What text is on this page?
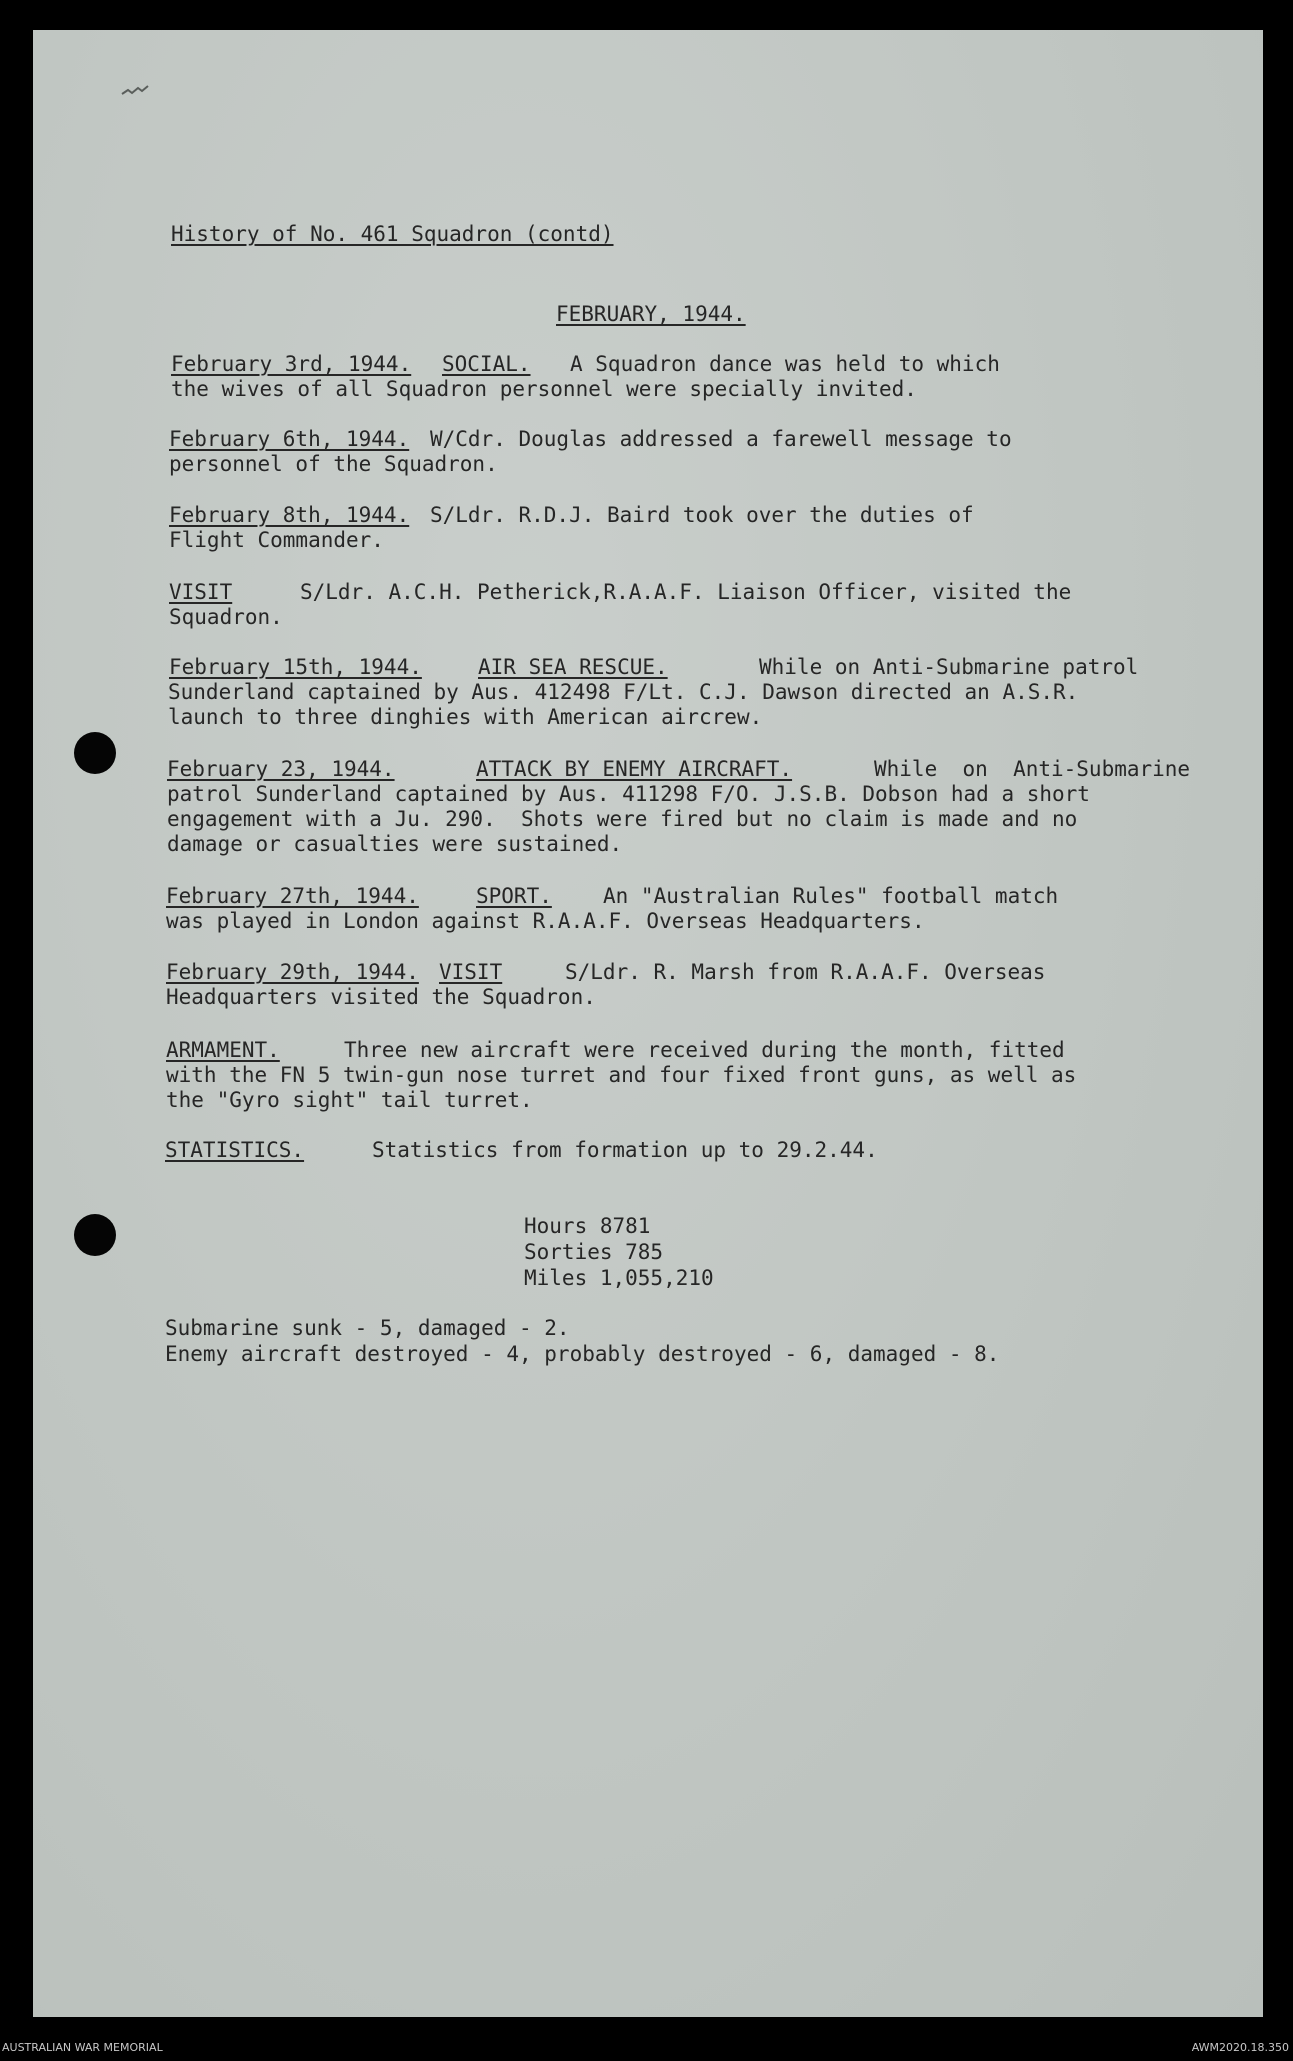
History of No. 461 Squadron (contd)
FEBRUARY, 1944.
February 3rd, 1944. SOCIAL. A Squadron dance was held to which
the wives of all Squadron personnel were specially invited.
February 6th, 1944. W/Cdr. Douglas addressed a farewell message to
personnel of the Squadron.
February 8th, 1944. S/Ldr. R.D.J. Baird took over the duties of
Flight Commander.
VISIT	S/Ldr. A.C.H. Petherick,R.A.A.F. Liaison Officer, visited the
Squadron.
February 15th, 1944.	AIR SEA RESCUE.	While on Anti-Submarine patrol
Sunderland captained by Aus. 412498 F/Lt. C.J. Dawson directed an A.S.R.
launch to three dinghies with American aircrew.
February 23, 1944.	ATTACK BY ENEMY AIRCRAFT.	While  on  Anti-Submarine
patrol Sunderland captained by Aus. 411298 F/O. J.S.B. Dobson had a short
engagement with a Ju. 290.  Shots were fired but no claim is made and no
damage or casualties were sustained.
February 27th, 1944.	SPORT. An "Australian Rules" football match
was played in London against R.A.A.F. Overseas Headquarters.
February 29th, 1944. VISIT	S/Ldr. R. Marsh from R.A.A.F. Overseas
Headquarters visited the Squadron.
ARMAMENT.	Three new aircraft were received during the month, fitted
with the FN 5 twin-gun nose turret and four fixed front guns, as well as
the "Gyro sight" tail turret.
STATISTICS.	Statistics from formation up to 29.2.44.
Hours 8781
Sorties 785
Miles 1,055,210
Submarine sunk - 5, damaged - 2.
Enemy aircraft destroyed - 4, probably destroyed - 6, damaged - 8.
AUSTRALIAN WAR MEMORIAL	AWM2020.18.350
